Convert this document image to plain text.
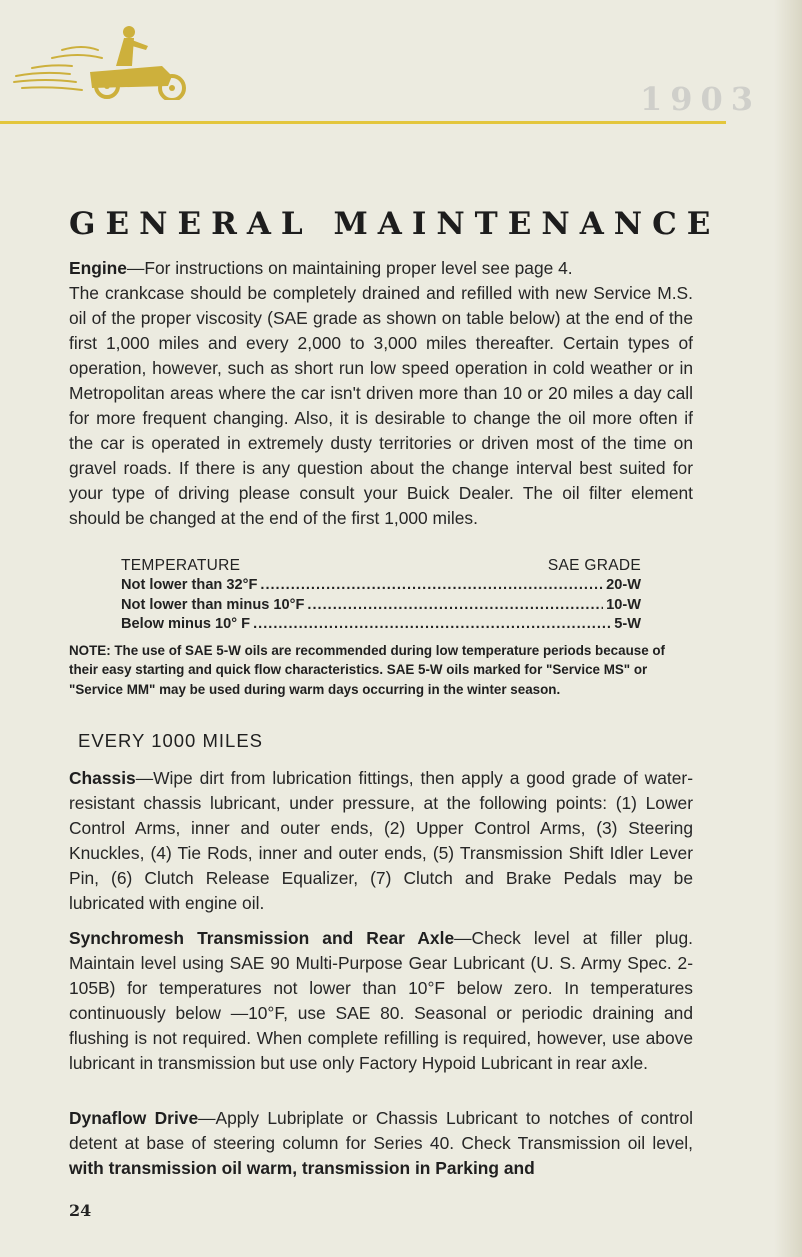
1903
GENERAL MAINTENANCE

Engine—For instructions on maintaining proper level see page 4.
The crankcase should be completely drained and refilled with new Service M.S. oil of the proper viscosity (SAE grade as shown on table below) at the end of the first 1,000 miles and every 2,000 to 3,000 miles thereafter. Certain types of operation, however, such as short run low speed operation in cold weather or in Metropolitan areas where the car isn't driven more than 10 or 20 miles a day call for more frequent changing. Also, it is desirable to change the oil more often if the car is operated in extremely dusty territories or driven most of the time on gravel roads. If there is any question about the change interval best suited for your type of driving please consult your Buick Dealer. The oil filter element should be changed at the end of the first 1,000 miles.

TEMPERATURE	SAE GRADE
Not lower than 32°F .....	20-W
Not lower than minus 10°F .....	10-W
Below minus 10° F .....	5-W

NOTE: The use of SAE 5-W oils are recommended during low temperature periods because of their easy starting and quick flow characteristics. SAE 5-W oils marked for "Service MS" or "Service MM" may be used during warm days occurring in the winter season.

EVERY 1000 MILES

Chassis—Wipe dirt from lubrication fittings, then apply a good grade of water-resistant chassis lubricant, under pressure, at the following points: (1) Lower Control Arms, inner and outer ends, (2) Upper Control Arms, (3) Steering Knuckles, (4) Tie Rods, inner and outer ends, (5) Transmission Shift Idler Lever Pin, (6) Clutch Release Equalizer, (7) Clutch and Brake Pedals may be lubricated with engine oil.

Synchromesh Transmission and Rear Axle—Check level at filler plug. Maintain level using SAE 90 Multi-Purpose Gear Lubricant (U. S. Army Spec. 2-105B) for temperatures not lower than 10°F below zero. In temperatures continuously below —10°F, use SAE 80. Seasonal or periodic draining and flushing is not required. When complete refilling is required, however, use above lubricant in transmission but use only Factory Hypoid Lubricant in rear axle.

Dynaflow Drive—Apply Lubriplate or Chassis Lubricant to notches of control detent at base of steering column for Series 40. Check Transmission oil level, with transmission oil warm, transmission in Parking and

24
